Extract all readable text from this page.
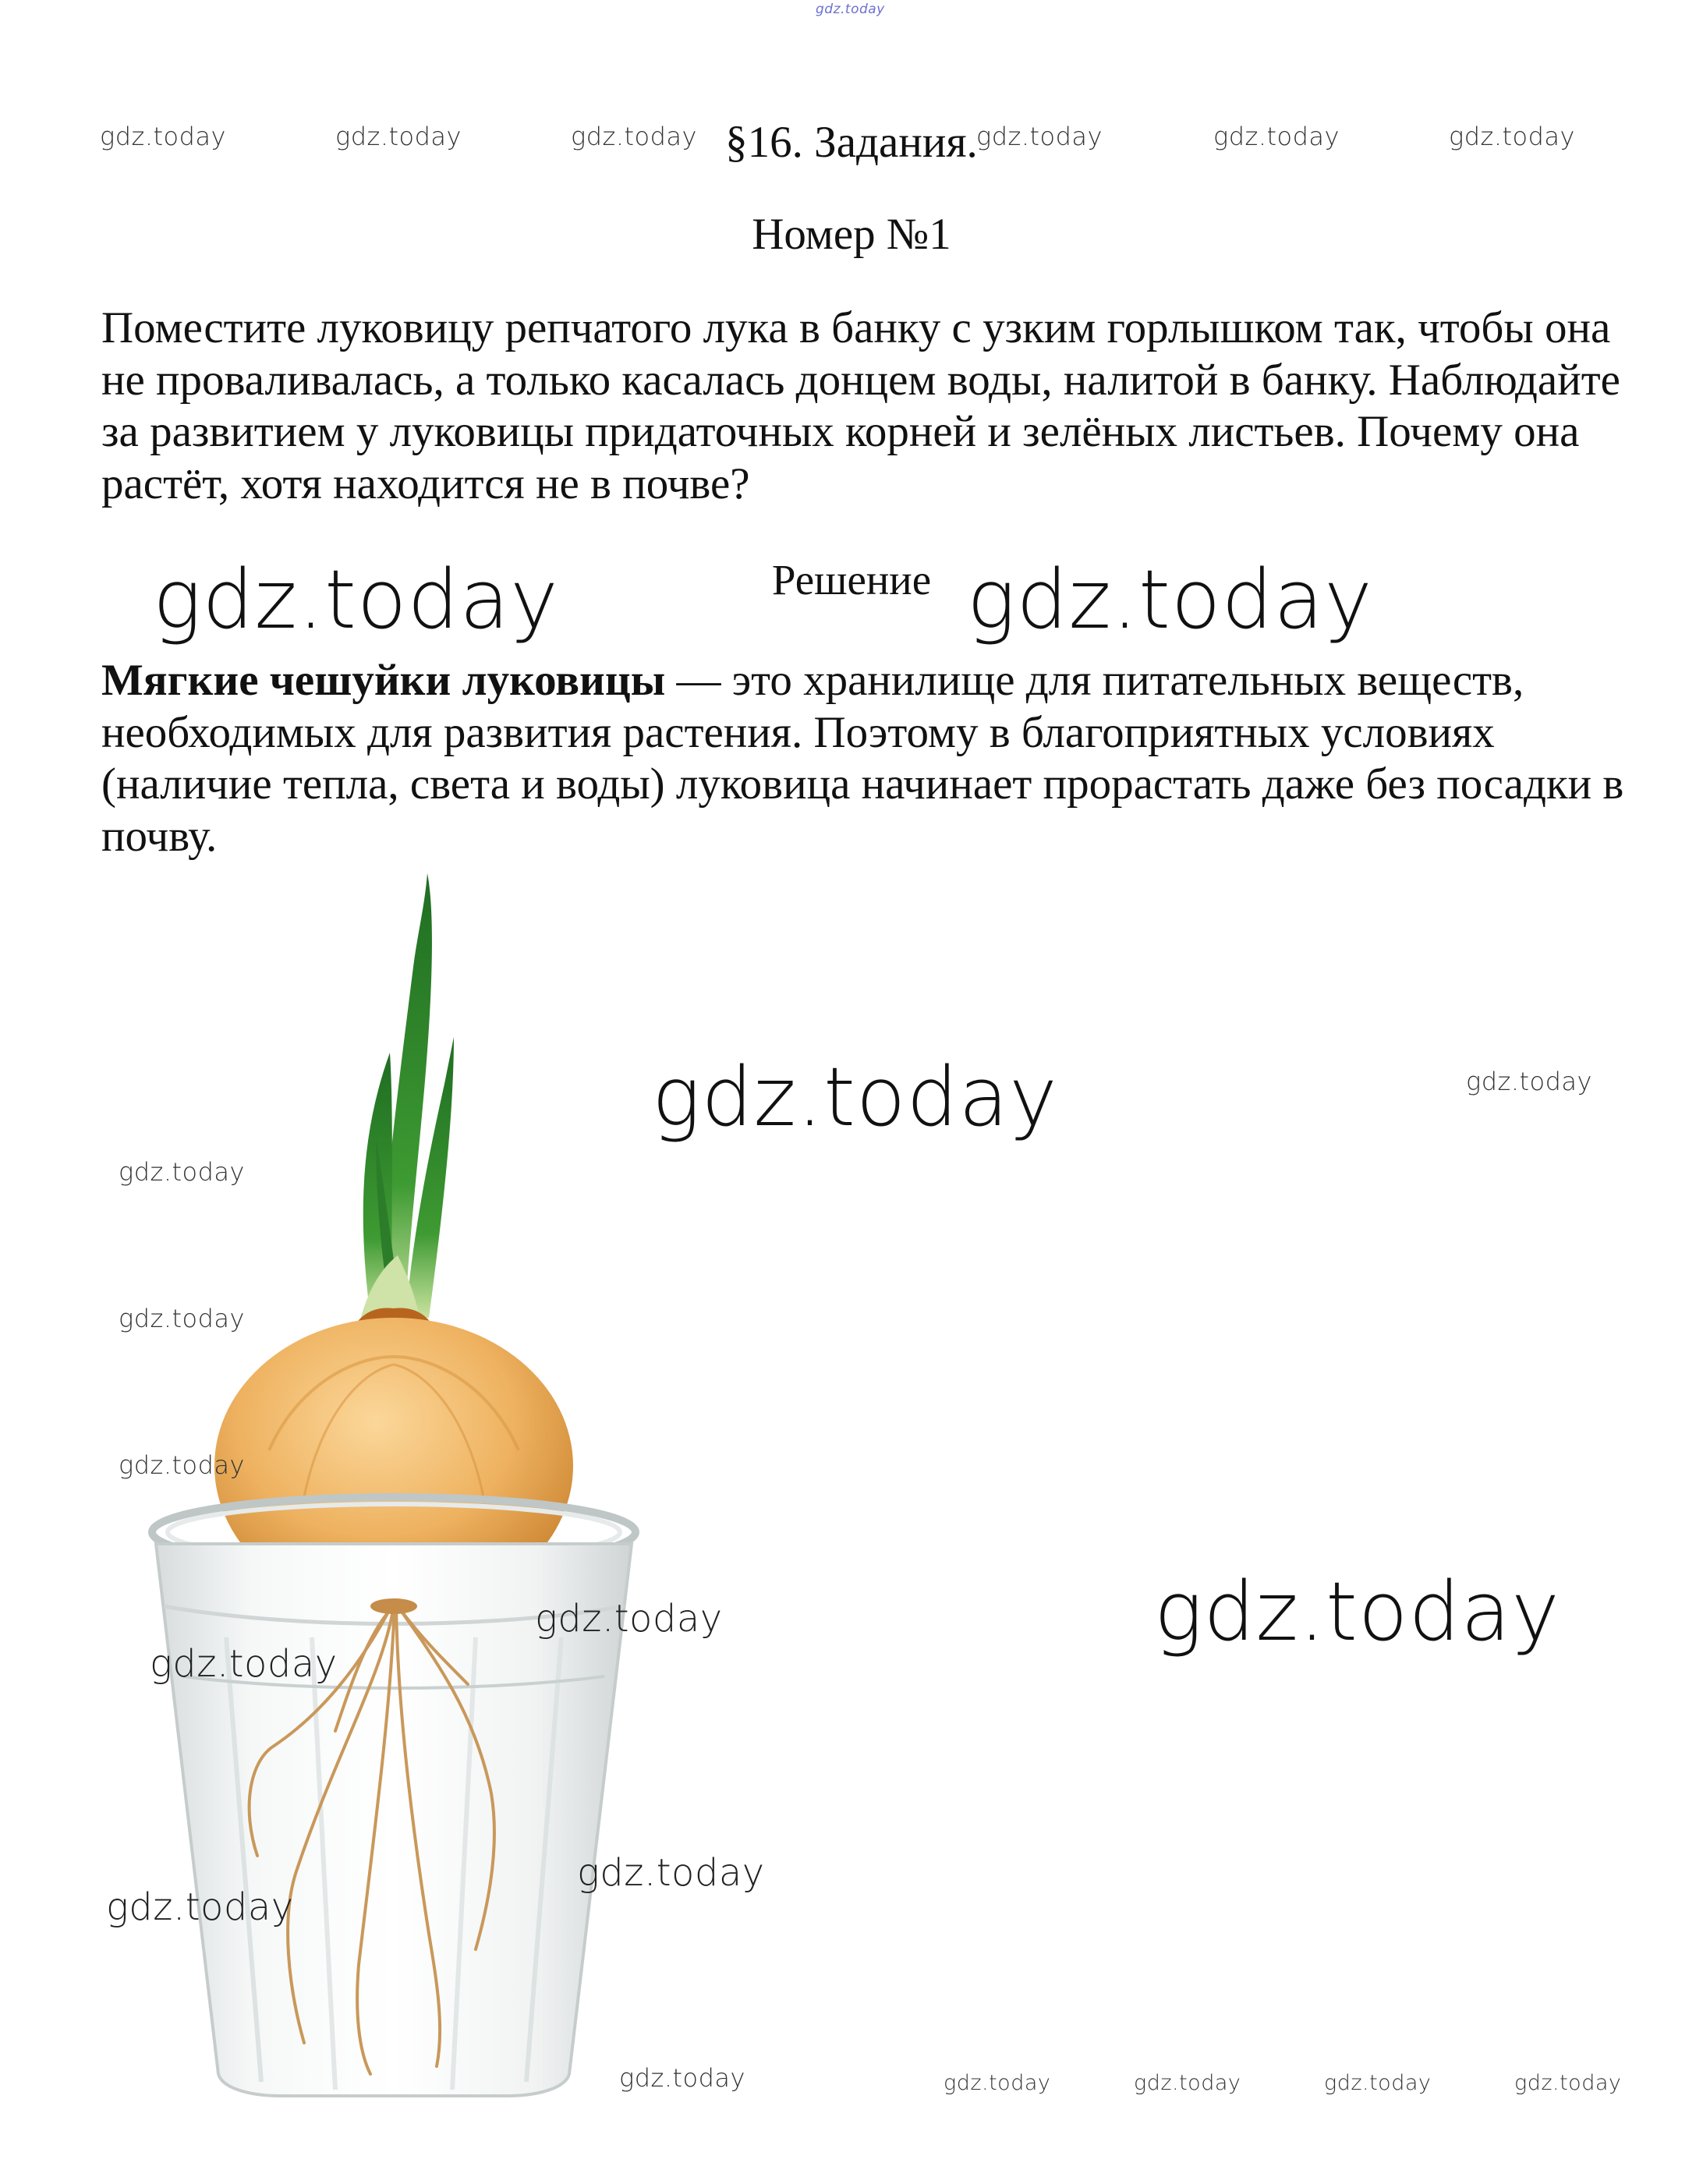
gdz.today
gdz.today	gdz.today	gdz.today	gdz.today	gdz.today	gdz.today
§16. Задания.
Номер №1
Поместите луковицу репчатого лука в банку с узким горлышком так, чтобы она не проваливалась, а только касалась донцем воды, налитой в банку. Наблюдайте за развитием у луковицы придаточных корней и зелёных листьев. Почему она растёт, хотя находится не в почве?
gdz.today	Решение gdz.today
Мягкие чешуйки луковицы — это хранилище для питательных веществ, необходимых для развития растения. Поэтому в благоприятных условиях (наличие тепла, света и воды) луковица начинает прорастать даже без посадки в почву.
gdz.today	gdz.today
gdz.today
gdz.today
gdz.today
gdz.today	gdz.today
gdz.today
gdz.today
gdz.today
gdz.today	gdz.today	gdz.today	gdz.today	gdz.today
